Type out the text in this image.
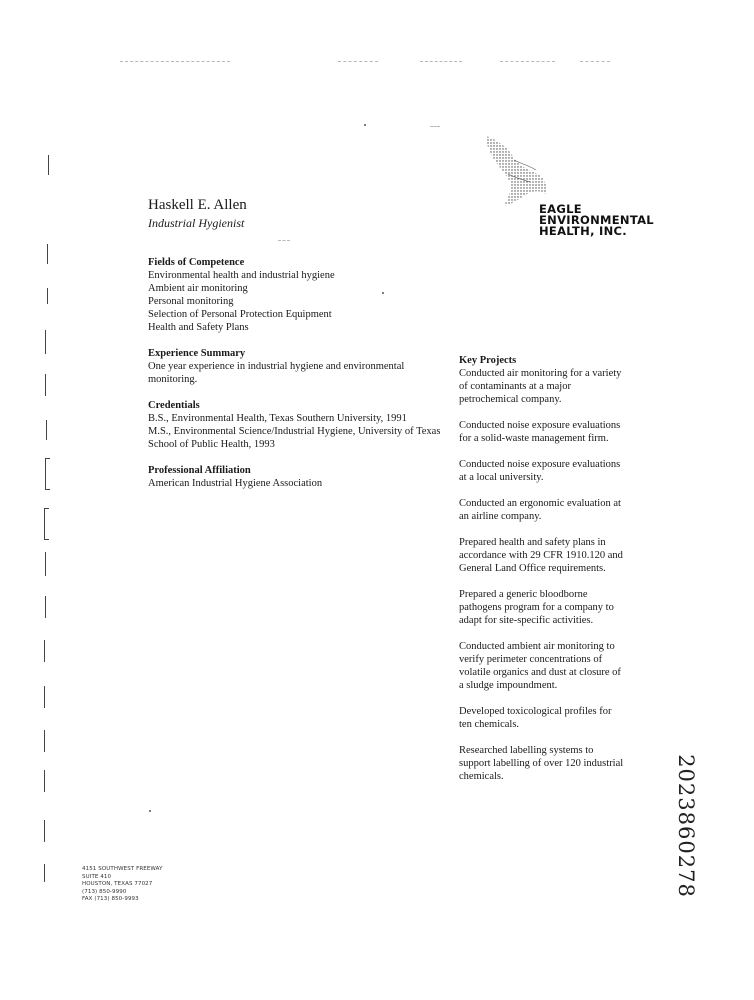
EAGLE
ENVIRONMENTAL
HEALTH, INC.
Haskell E. Allen
Industrial Hygienist
Fields of Competence
Environmental health and industrial hygiene
Ambient air monitoring
Personal monitoring
Selection of Personal Protection Equipment
Health and Safety Plans
Experience Summary
One year experience in industrial hygiene and environmental monitoring.
Credentials
B.S., Environmental Health, Texas Southern University, 1991
M.S., Environmental Science/Industrial Hygiene, University of Texas School of Public Health, 1993
Professional Affiliation
American Industrial Hygiene Association
Key Projects
Conducted air monitoring for a variety of contaminants at a major petrochemical company.
Conducted noise exposure evaluations for a solid-waste management firm.
Conducted noise exposure evaluations at a local university.
Conducted an ergonomic evaluation at an airline company.
Prepared health and safety plans in accordance with 29 CFR 1910.120 and General Land Office requirements.
Prepared a generic bloodborne pathogens program for a company to adapt for site-specific activities.
Conducted ambient air monitoring to verify perimeter concentrations of volatile organics and dust at closure of a sludge impoundment.
Developed toxicological profiles for ten chemicals.
Researched labelling systems to support labelling of over 120 industrial chemicals.
4151 SOUTHWEST FREEWAY
SUITE 410
HOUSTON, TEXAS 77027
(713) 850-9990
FAX (713) 850-9993
2023860278
